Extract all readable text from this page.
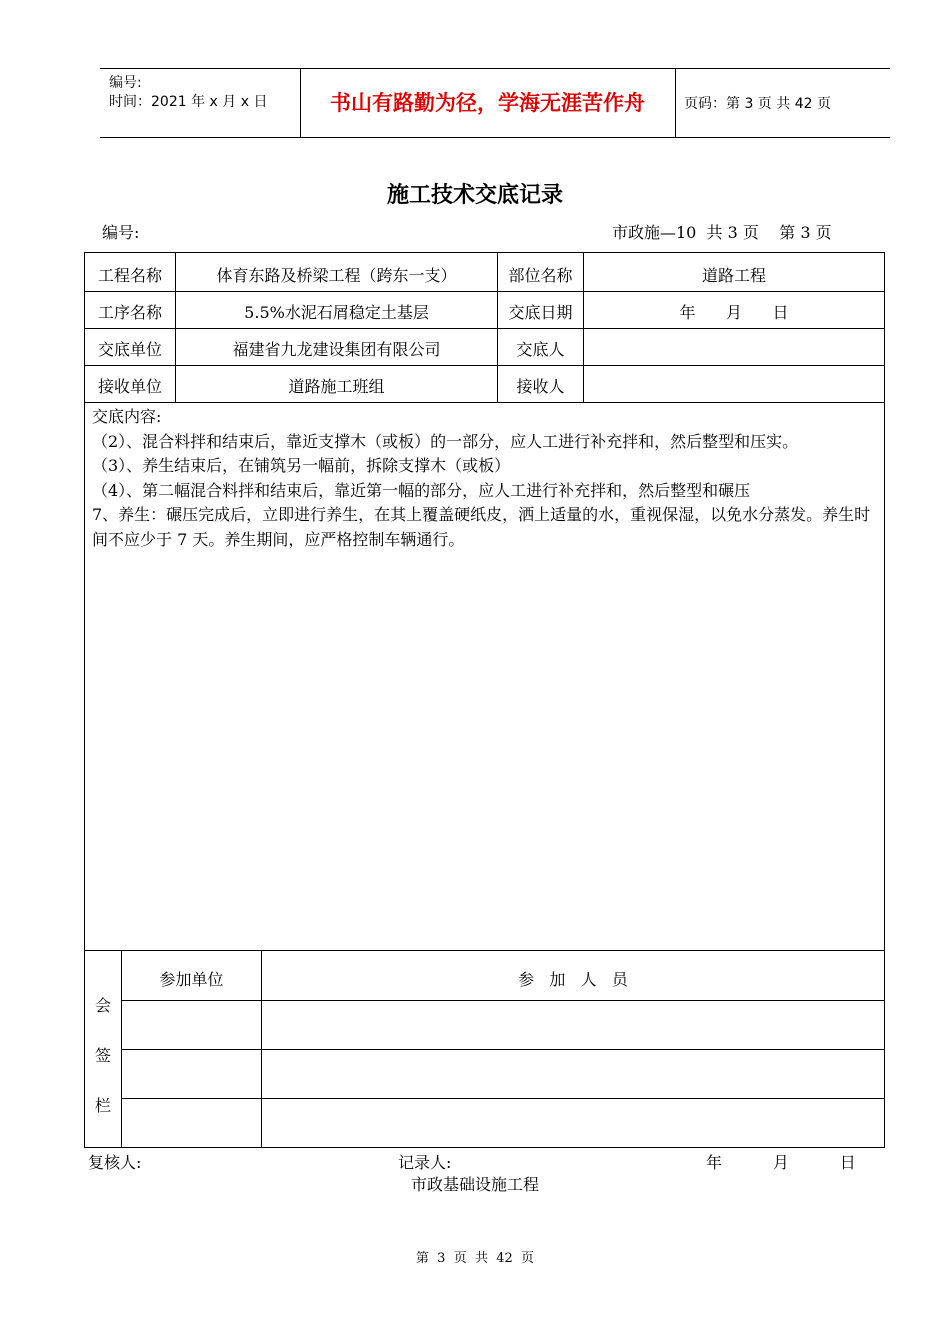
编号:
时间：2021 年 x 月 x 日	书山有路勤为径，学海无涯苦作舟	页码：第 3 页 共 42 页
施工技术交底记录
编号:	市政施—10  共 3 页    第 3 页
工程名称	体育东路及桥梁工程（跨东一支）	部位名称	道路工程
工序名称	5.5%水泥石屑稳定土基层	交底日期	年      月      日
交底单位	福建省九龙建设集团有限公司	交底人
接收单位	道路施工班组	接收人

交底内容:

（2）、混合料拌和结束后，靠近支撑木（或板）的一部分，应人工进行补充拌和，然后整型和压实。

（3）、养生结束后，在铺筑另一幅前，拆除支撑木（或板）

（4）、第二幅混合料拌和结束后，靠近第一幅的部分，应人工进行补充拌和，然后整型和碾压

7、养生：碾压完成后，立即进行养生，在其上覆盖硬纸皮，洒上适量的水，重视保湿，以免水分蒸发。养生时间不应少于 7 天。养生期间，应严格控制车辆通行。

会
签
栏
参加单位	参   加   人   员
复核人:	记录人:	年          月          日
市政基础设施工程
第  3  页  共  42  页
